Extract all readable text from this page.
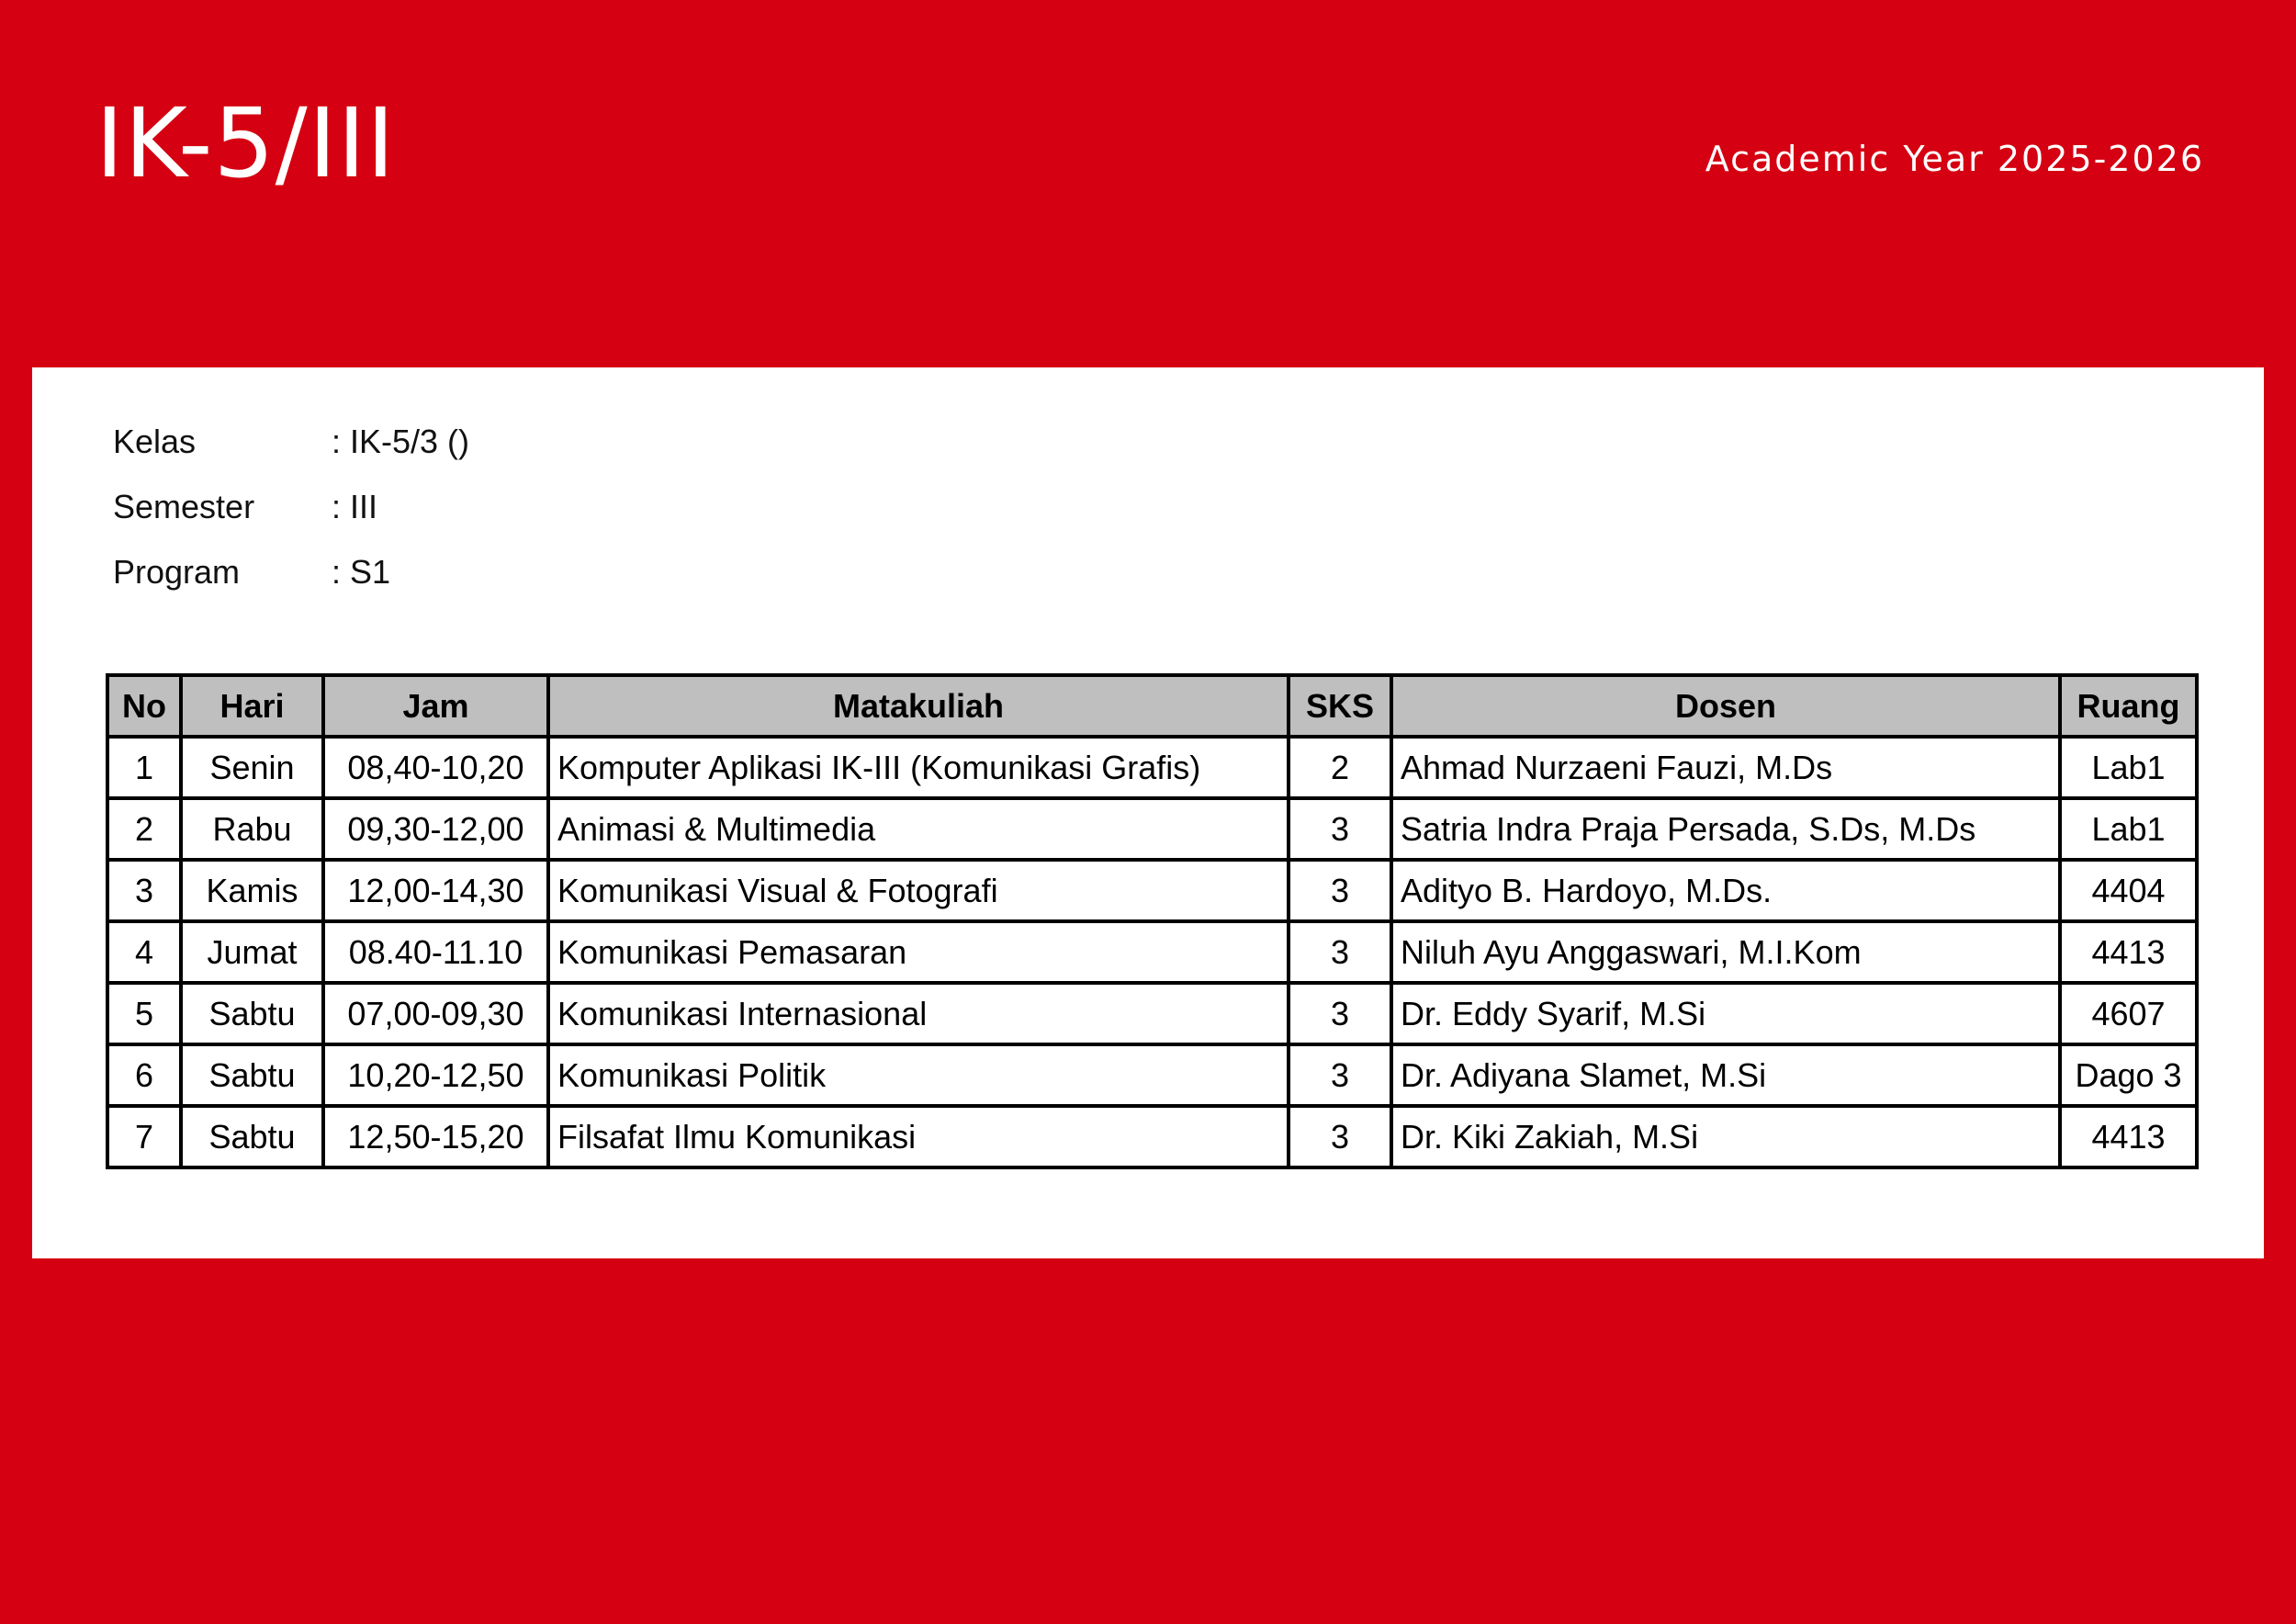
IK-5/III	Academic Year 2025-2026
Kelas	: IK-5/3 ()
Semester	: III
Program	: S1
No	Hari	Jam	Matakuliah	SKS	Dosen	Ruang
1	Senin	08,40-10,20	Komputer Aplikasi IK-III (Komunikasi Grafis)	2	Ahmad Nurzaeni Fauzi, M.Ds	Lab1
2	Rabu	09,30-12,00	Animasi & Multimedia	3	Satria Indra Praja Persada, S.Ds, M.Ds	Lab1
3	Kamis	12,00-14,30	Komunikasi Visual & Fotografi	3	Adityo B. Hardoyo, M.Ds.	4404
4	Jumat	08.40-11.10	Komunikasi Pemasaran	3	Niluh Ayu Anggaswari, M.I.Kom	4413
5	Sabtu	07,00-09,30	Komunikasi Internasional	3	Dr. Eddy Syarif, M.Si	4607
6	Sabtu	10,20-12,50	Komunikasi Politik	3	Dr. Adiyana Slamet, M.Si	Dago 3
7	Sabtu	12,50-15,20	Filsafat Ilmu Komunikasi	3	Dr. Kiki Zakiah, M.Si	4413
